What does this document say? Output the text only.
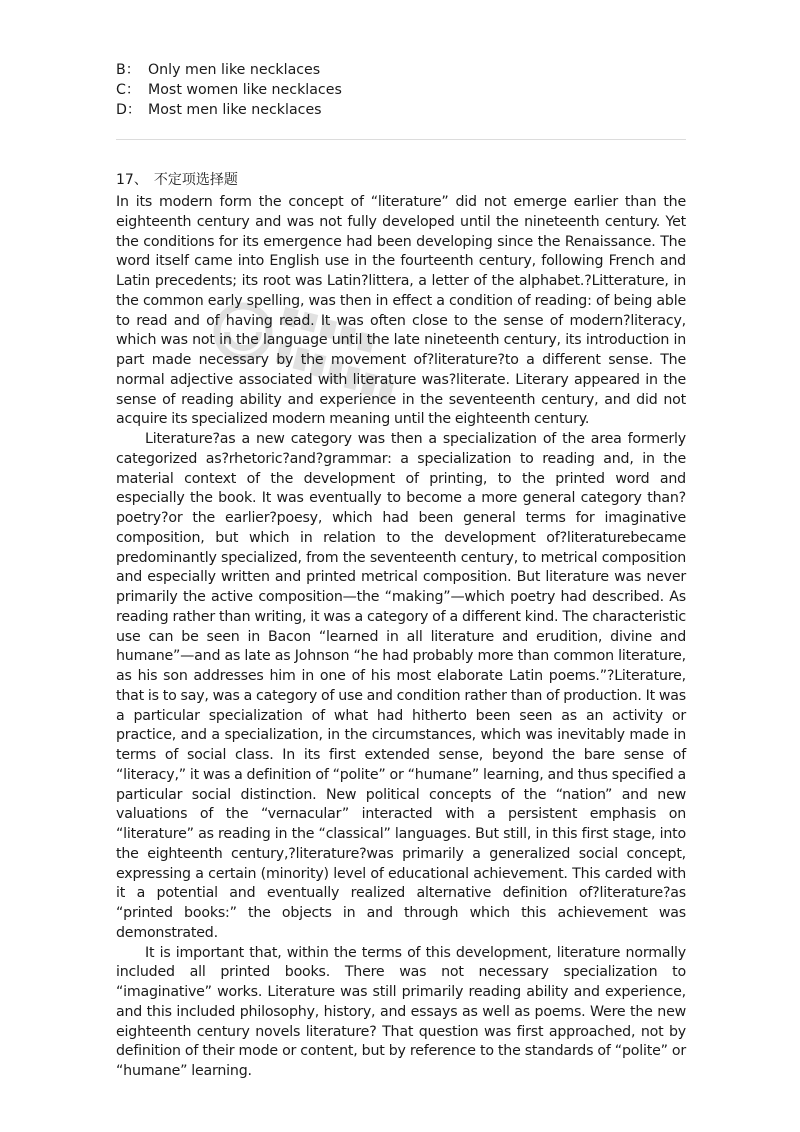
B： Only men like necklaces

C： Most women like necklaces

D： Most men like necklaces

17、 不定项选择题

In its modern form the concept of “literature” did not emerge earlier than the eighteenth century and was not fully developed until the nineteenth century. Yet the conditions for its emergence had been developing since the Renaissance. The word itself came into English use in the fourteenth century, following French and Latin precedents; its root was Latin?littera, a letter of the alphabet.?Litterature, in the common early spelling, was then in effect a condition of reading: of being able to read and of having read. It was often close to the sense of modern?literacy, which was not in the language until the late nineteenth century, its introduction in part made necessary by the movement of?literature?to a different sense. The normal adjective associated with literature was?literate. Literary appeared in the sense of reading ability and experience in the seventeenth century, and did not acquire its specialized modern meaning until the eighteenth century.

Literature?as a new category was then a specialization of the area formerly categorized as?rhetoric?and?grammar: a specialization to reading and, in the material context of the development of printing, to the printed word and especially the book. It was eventually to become a more general category than?poetry?or the earlier?poesy, which had been general terms for imaginative composition, but which in relation to the development of?literaturebecame predominantly specialized, from the seventeenth century, to metrical composition and especially written and printed metrical composition. But literature was never primarily the active composition—the “making”—which poetry had described. As reading rather than writing, it was a category of a different kind. The characteristic use can be seen in Bacon “learned in all literature and erudition, divine and humane”—and as late as Johnson “he had probably more than common literature, as his son addresses him in one of his most elaborate Latin poems.”?Literature, that is to say, was a category of use and condition rather than of production. It was a particular specialization of what had hitherto been seen as an activity or practice, and a specialization, in the circumstances, which was inevitably made in terms of social class. In its first extended sense, beyond the bare sense of “literacy,” it was a definition of “polite” or “humane” learning, and thus specified a particular social distinction. New political concepts of the “nation” and new valuations of the “vernacular” interacted with a persistent emphasis on “literature” as reading in the “classical” languages. But still, in this first stage, into the eighteenth century,?literature?was primarily a generalized social concept, expressing a certain (minority) level of educational achievement. This carded with it a potential and eventually realized alternative definition of?literature?as “printed books:” the objects in and through which this achievement was demonstrated.

It is important that, within the terms of this development, literature normally included all printed books. There was not necessary specialization to “imaginative” works. Literature was still primarily reading ability and experience, and this included philosophy, history, and essays as well as poems. Were the new eighteenth century novels literature? That question was first approached, not by definition of their mode or content, but by reference to the standards of “polite” or “humane” learning.
